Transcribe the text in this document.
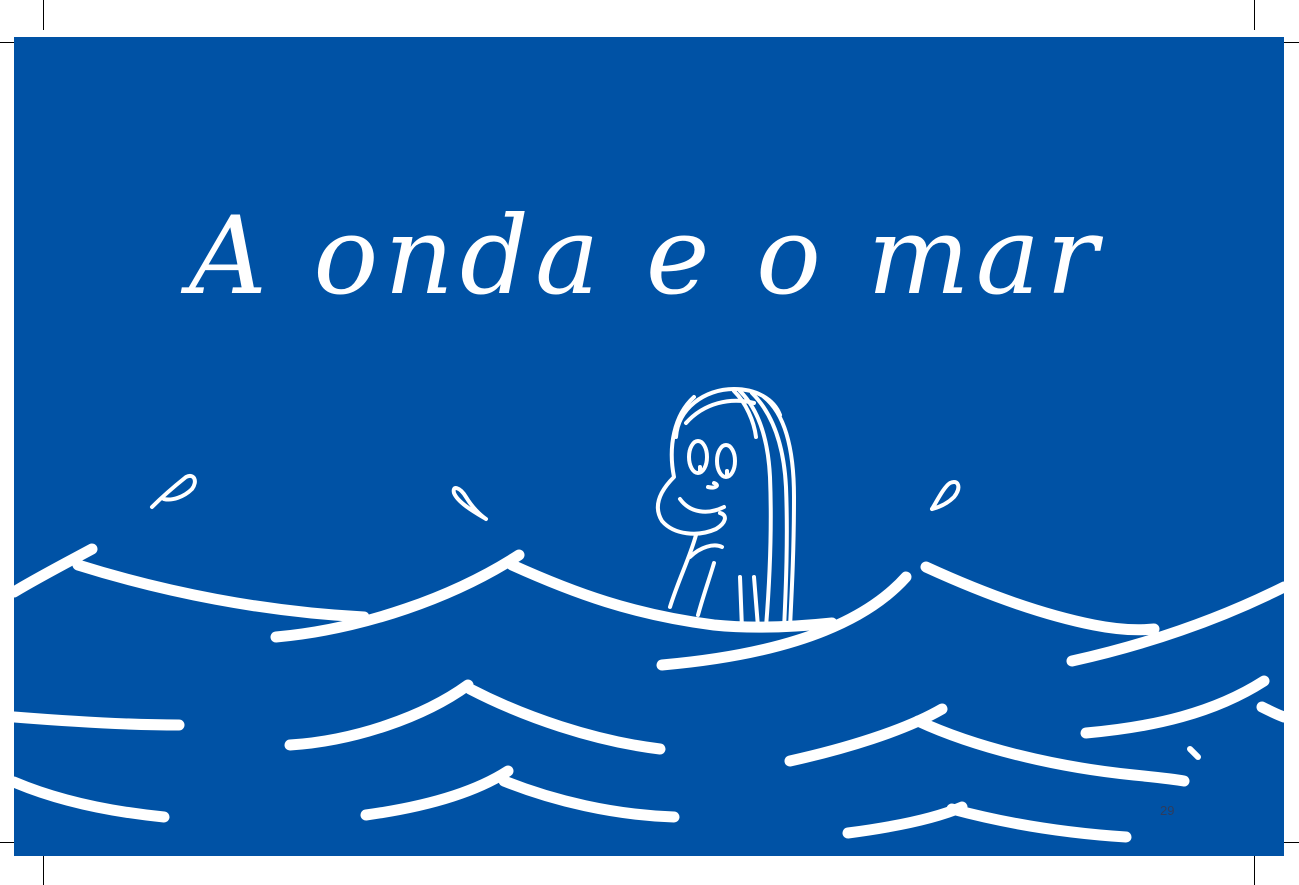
A onda e o mar
29
